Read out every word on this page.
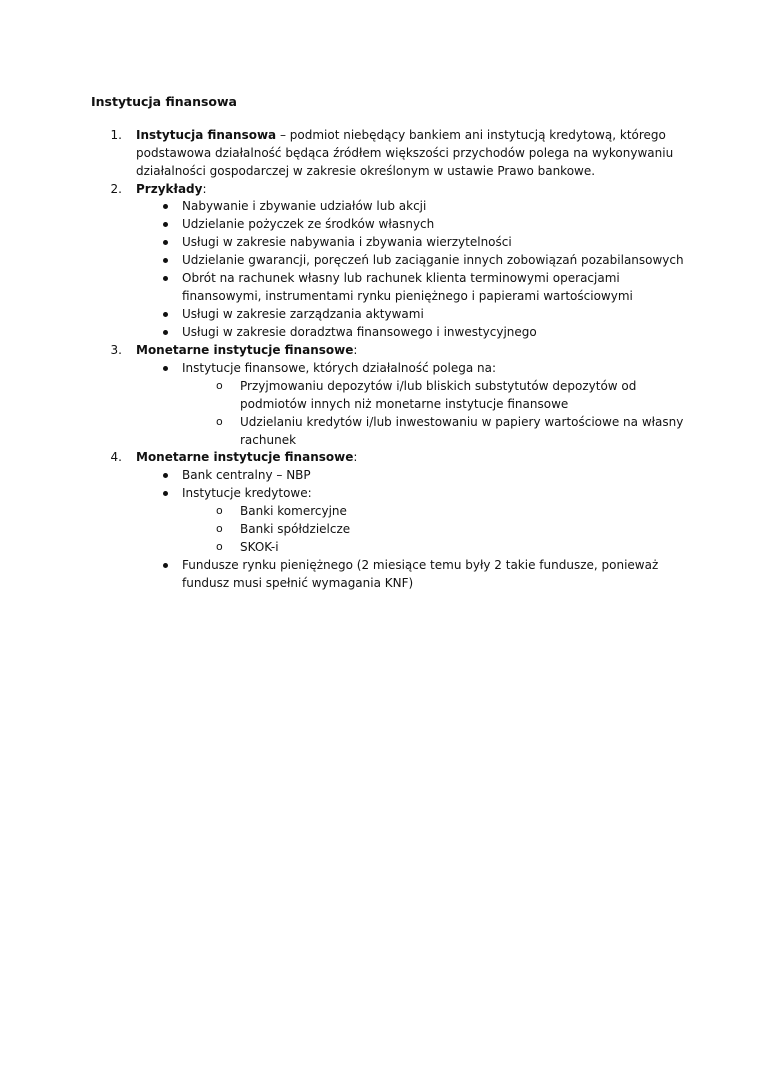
Instytucja finansowa
1. Instytucja finansowa – podmiot niebędący bankiem ani instytucją kredytową, którego
podstawowa działalność będąca źródłem większości przychodów polega na wykonywaniu
działalności gospodarczej w zakresie określonym w ustawie Prawo bankowe.
2. Przykłady:
Nabywanie i zbywanie udziałów lub akcji
Udzielanie pożyczek ze środków własnych
Usługi w zakresie nabywania i zbywania wierzytelności
Udzielanie gwarancji, poręczeń lub zaciąganie innych zobowiązań pozabilansowych
Obrót na rachunek własny lub rachunek klienta terminowymi operacjami
finansowymi, instrumentami rynku pieniężnego i papierami wartościowymi
Usługi w zakresie zarządzania aktywami
Usługi w zakresie doradztwa finansowego i inwestycyjnego
3. Monetarne instytucje finansowe:
Instytucje finansowe, których działalność polega na:
o Przyjmowaniu depozytów i/lub bliskich substytutów depozytów od
podmiotów innych niż monetarne instytucje finansowe
o Udzielaniu kredytów i/lub inwestowaniu w papiery wartościowe na własny
rachunek
4. Monetarne instytucje finansowe:
Bank centralny – NBP
Instytucje kredytowe:
o Banki komercyjne
o Banki spółdzielcze
o SKOK-i
Fundusze rynku pieniężnego (2 miesiące temu były 2 takie fundusze, ponieważ
fundusz musi spełnić wymagania KNF)
